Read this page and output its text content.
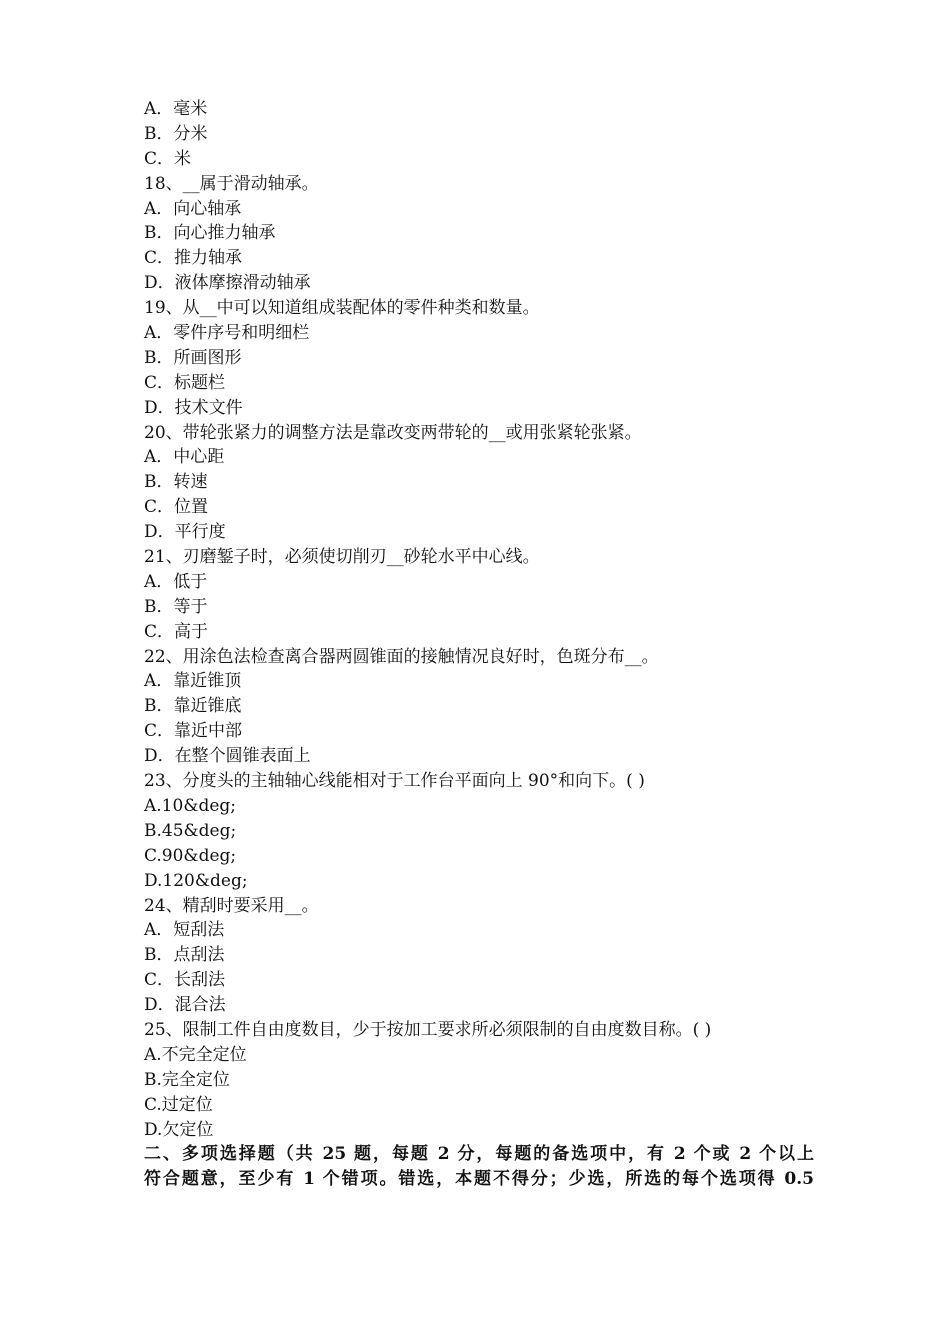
A．毫米
B．分米
C．米
18、__属于滑动轴承。
A．向心轴承
B．向心推力轴承
C．推力轴承
D．液体摩擦滑动轴承
19、从__中可以知道组成装配体的零件种类和数量。
A．零件序号和明细栏
B．所画图形
C．标题栏
D．技术文件
20、带轮张紧力的调整方法是靠改变两带轮的__或用张紧轮张紧。
A．中心距
B．转速
C．位置
D．平行度
21、刃磨錾子时，必须使切削刃__砂轮水平中心线。
A．低于
B．等于
C．高于
22、用涂色法检查离合器两圆锥面的接触情况良好时，色斑分布__。
A．靠近锥顶
B．靠近锥底
C．靠近中部
D．在整个圆锥表面上
23、分度头的主轴轴心线能相对于工作台平面向上 90°和向下。( )
A.10&deg;
B.45&deg;
C.90&deg;
D.120&deg;
24、精刮时要采用__。
A．短刮法
B．点刮法
C．长刮法
D．混合法
25、限制工件自由度数目，少于按加工要求所必须限制的自由度数目称。( )
A.不完全定位
B.完全定位
C.过定位
D.欠定位
二、多项选择题（共 25 题，每题 2 分，每题的备选项中，有 2 个或 2 个以上
符合题意，至少有 1 个错项。错选，本题不得分；少选，所选的每个选项得 0.5
